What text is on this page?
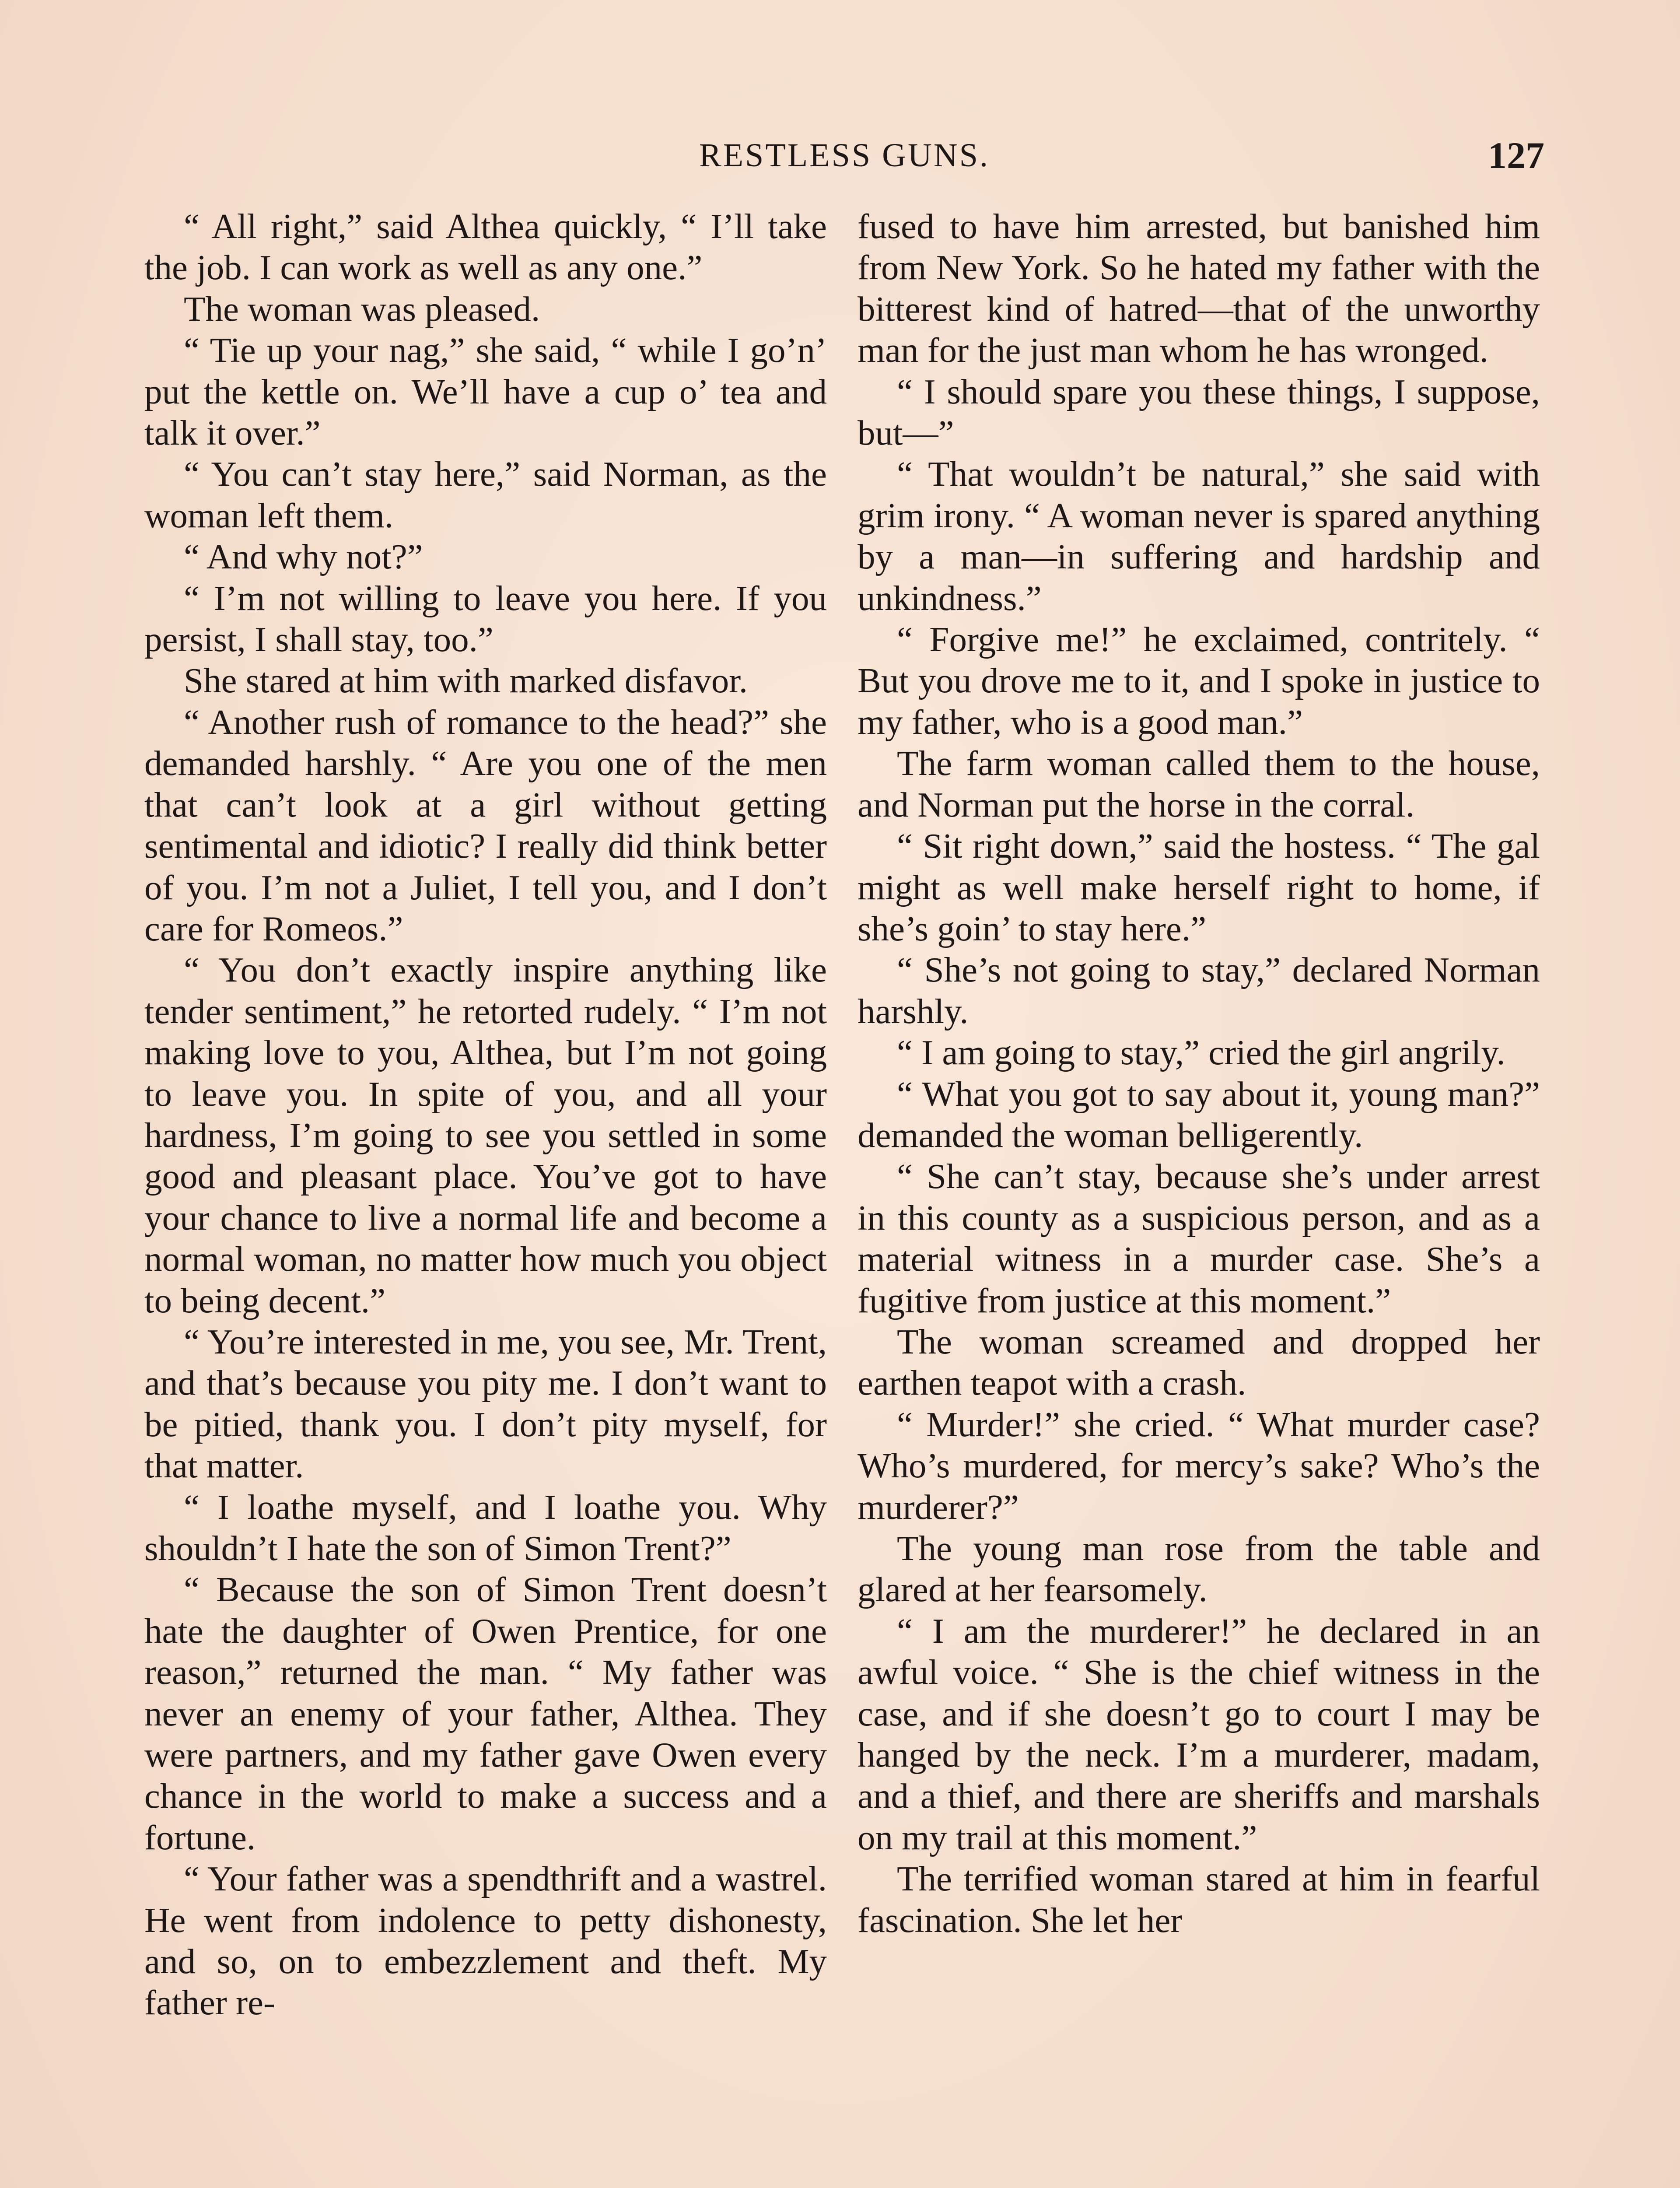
RESTLESS GUNS.	127

“ All right,” said Althea quickly, “ I’ll take the job. I can work as well as any one.”

The woman was pleased.

“ Tie up your nag,” she said, “ while I go’n’ put the kettle on. We’ll have a cup o’ tea and talk it over.”

“ You can’t stay here,” said Norman, as the woman left them.

“ And why not?”

“ I’m not willing to leave you here. If you persist, I shall stay, too.”

She stared at him with marked disfavor.

“ Another rush of romance to the head?” she demanded harshly. “ Are you one of the men that can’t look at a girl without getting sentimental and idiotic? I really did think better of you. I’m not a Juliet, I tell you, and I don’t care for Romeos.”

“ You don’t exactly inspire anything like tender sentiment,” he retorted rudely. “ I’m not making love to you, Althea, but I’m not going to leave you. In spite of you, and all your hardness, I’m going to see you settled in some good and pleasant place. You’ve got to have your chance to live a normal life and become a normal woman, no matter how much you object to being decent.”

“ You’re interested in me, you see, Mr. Trent, and that’s because you pity me. I don’t want to be pitied, thank you. I don’t pity myself, for that matter.

“ I loathe myself, and I loathe you. Why shouldn’t I hate the son of Simon Trent?”

“ Because the son of Simon Trent doesn’t hate the daughter of Owen Prentice, for one reason,” returned the man. “ My father was never an enemy of your father, Althea. They were partners, and my father gave Owen every chance in the world to make a success and a fortune.

“ Your father was a spendthrift and a wastrel. He went from indolence to petty dishonesty, and so, on to embezzlement and theft. My father re-

fused to have him arrested, but banished him from New York. So he hated my father with the bitterest kind of hatred—that of the unworthy man for the just man whom he has wronged.

“ I should spare you these things, I suppose, but—”

“ That wouldn’t be natural,” she said with grim irony. “ A woman never is spared anything by a man—in suffering and hardship and unkindness.”

“ Forgive me!” he exclaimed, contritely. “ But you drove me to it, and I spoke in justice to my father, who is a good man.”

The farm woman called them to the house, and Norman put the horse in the corral.

“ Sit right down,” said the hostess. “ The gal might as well make herself right to home, if she’s goin’ to stay here.”

“ She’s not going to stay,” declared Norman harshly.

“ I am going to stay,” cried the girl angrily.

“ What you got to say about it, young man?” demanded the woman belligerently.

“ She can’t stay, because she’s under arrest in this county as a suspicious person, and as a material witness in a murder case. She’s a fugitive from justice at this moment.”

The woman screamed and dropped her earthen teapot with a crash.

“ Murder!” she cried. “ What murder case? Who’s murdered, for mercy’s sake? Who’s the murderer?”

The young man rose from the table and glared at her fearsomely.

“ I am the murderer!” he declared in an awful voice. “ She is the chief witness in the case, and if she doesn’t go to court I may be hanged by the neck. I’m a murderer, madam, and a thief, and there are sheriffs and marshals on my trail at this moment.”

The terrified woman stared at him in fearful fascination. She let her
